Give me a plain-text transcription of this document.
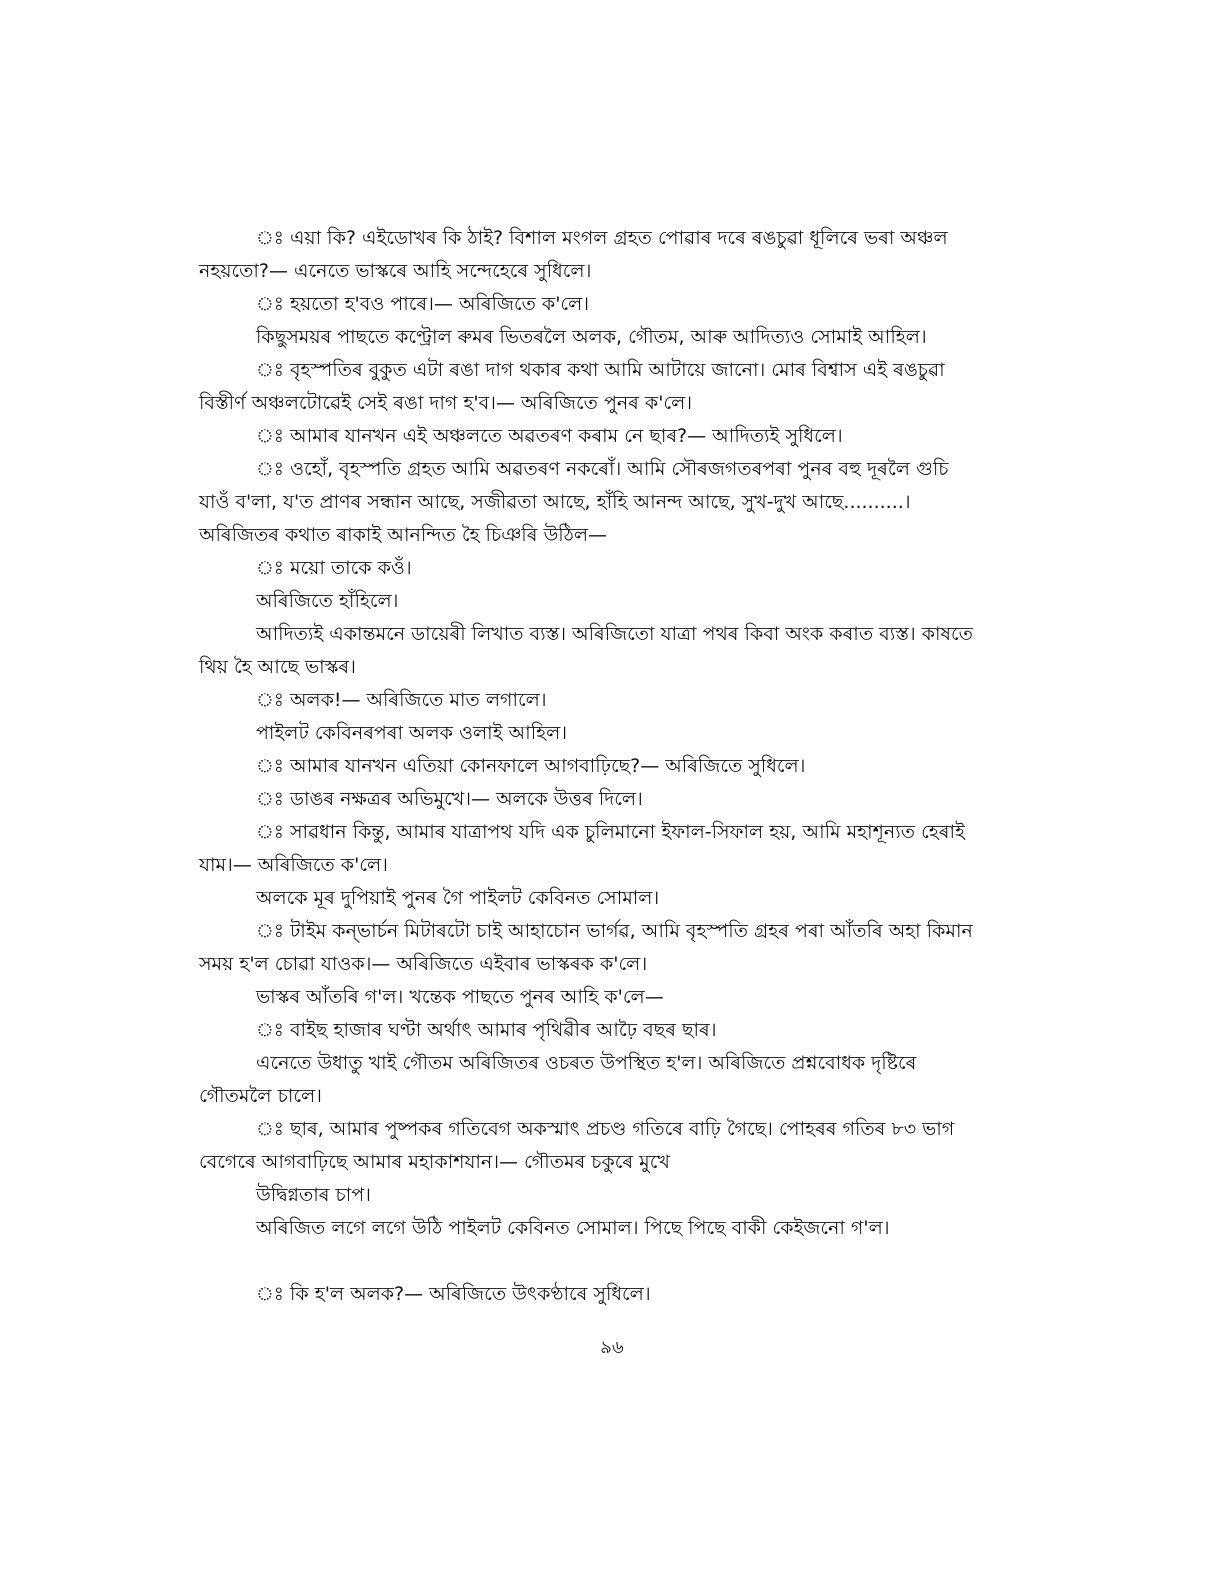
ঃ এয়া কি? এইডোখৰ কি ঠাই? বিশাল মংগল গ্ৰহত পোৱাৰ দৰে ৰঙচুৱা ধূলিৰে ভৰা অঞ্চল নহয়তো?— এনেতে ভাস্কৰে আহি সন্দেহেৰে সুধিলে।

ঃ হয়তো হ'বও পাৰে।— অৰিজিতে ক'লে।

কিছুসময়ৰ পাছতে কণ্ট্ৰোল ৰুমৰ ভিতৰলৈ অলক, গৌতম, আৰু আদিত্যও সোমাই আহিল।

ঃ বৃহস্পতিৰ বুকুত এটা ৰঙা দাগ থকাৰ কথা আমি আটায়ে জানো। মোৰ বিশ্বাস এই ৰঙচুৱা বিস্তীৰ্ণ অঞ্চলটোৱেই সেই ৰঙা দাগ হ'ব।— অৰিজিতে পুনৰ ক'লে।

ঃ আমাৰ যানখন এই অঞ্চলতে অৱতৰণ কৰাম নে ছাৰ?— আদিত্যই সুধিলে।

ঃ ওহোঁ, বৃহস্পতি গ্ৰহত আমি অৱতৰণ নকৰোঁ। আমি সৌৰজগতৰপৰা পুনৰ বহু দূৰলৈ গুচি যাওঁ ব'লা, য'ত প্ৰাণৰ সন্ধান আছে, সজীৱতা আছে, হাঁহি আনন্দ আছে, সুখ-দুখ আছে..........। অৰিজিতৰ কথাত ৰাকাই আনন্দিত হৈ চিঞৰি উঠিল—

ঃ ময়ো তাকে কওঁ।

অৰিজিতে হাঁহিলে।

আদিত্যই একান্তমনে ডায়েৰী লিখাত ব্যস্ত। অৰিজিতো যাত্ৰা পথৰ কিবা অংক কৰাত ব্যস্ত। কাষতে থিয় হৈ আছে ভাস্কৰ।

ঃ অলক!— অৰিজিতে মাত লগালে।

পাইলট কেবিনৰপৰা অলক ওলাই আহিল।

ঃ আমাৰ যানখন এতিয়া কোনফালে আগবাঢ়িছে?— অৰিজিতে সুধিলে।

ঃ ডাঙৰ নক্ষত্ৰৰ অভিমুখে।— অলকে উত্তৰ দিলে।

ঃ সাৱধান কিন্তু, আমাৰ যাত্ৰাপথ যদি এক চুলিমানো ইফাল-সিফাল হয়, আমি মহাশূন্যত হেৰাই যাম।— অৰিজিতে ক'লে।

অলকে মূৰ দুপিয়াই পুনৰ গৈ পাইলট কেবিনত সোমাল।

ঃ টাইম কন্‌ভাৰ্চন মিটাৰটো চাই আহাচোন ভাৰ্গৱ, আমি বৃহস্পতি গ্ৰহৰ পৰা আঁতৰি অহা কিমান সময় হ'ল চোৱা যাওক।— অৰিজিতে এইবাৰ ভাস্কৰক ক'লে।

ভাস্কৰ আঁতৰি গ'ল। খন্তেক পাছতে পুনৰ আহি ক'লে—

ঃ বাইছ হাজাৰ ঘণ্টা অৰ্থাৎ আমাৰ পৃথিৱীৰ আঢ়ৈ বছৰ ছাৰ।

এনেতে উধাতু খাই গৌতম অৰিজিতৰ ওচৰত উপস্থিত হ'ল। অৰিজিতে প্ৰশ্নবোধক দৃষ্টিৰে গৌতমলৈ চালে।

ঃ ছাৰ, আমাৰ পুষ্পকৰ গতিবেগ অকস্মাৎ প্ৰচণ্ড গতিৰে বাঢ়ি গৈছে। পোহৰৰ গতিৰ ৮৩ ভাগ বেগেৰে আগবাঢ়িছে আমাৰ মহাকাশযান।— গৌতমৰ চকুৰে মুখে

উদ্বিগ্নতাৰ চাপ।

অৰিজিত লগে লগে উঠি পাইলট কেবিনত সোমাল। পিছে পিছে বাকী কেইজনো গ'ল।

ঃ কি হ'ল অলক?— অৰিজিতে উৎকণ্ঠাৰে সুধিলে।

৯৬
